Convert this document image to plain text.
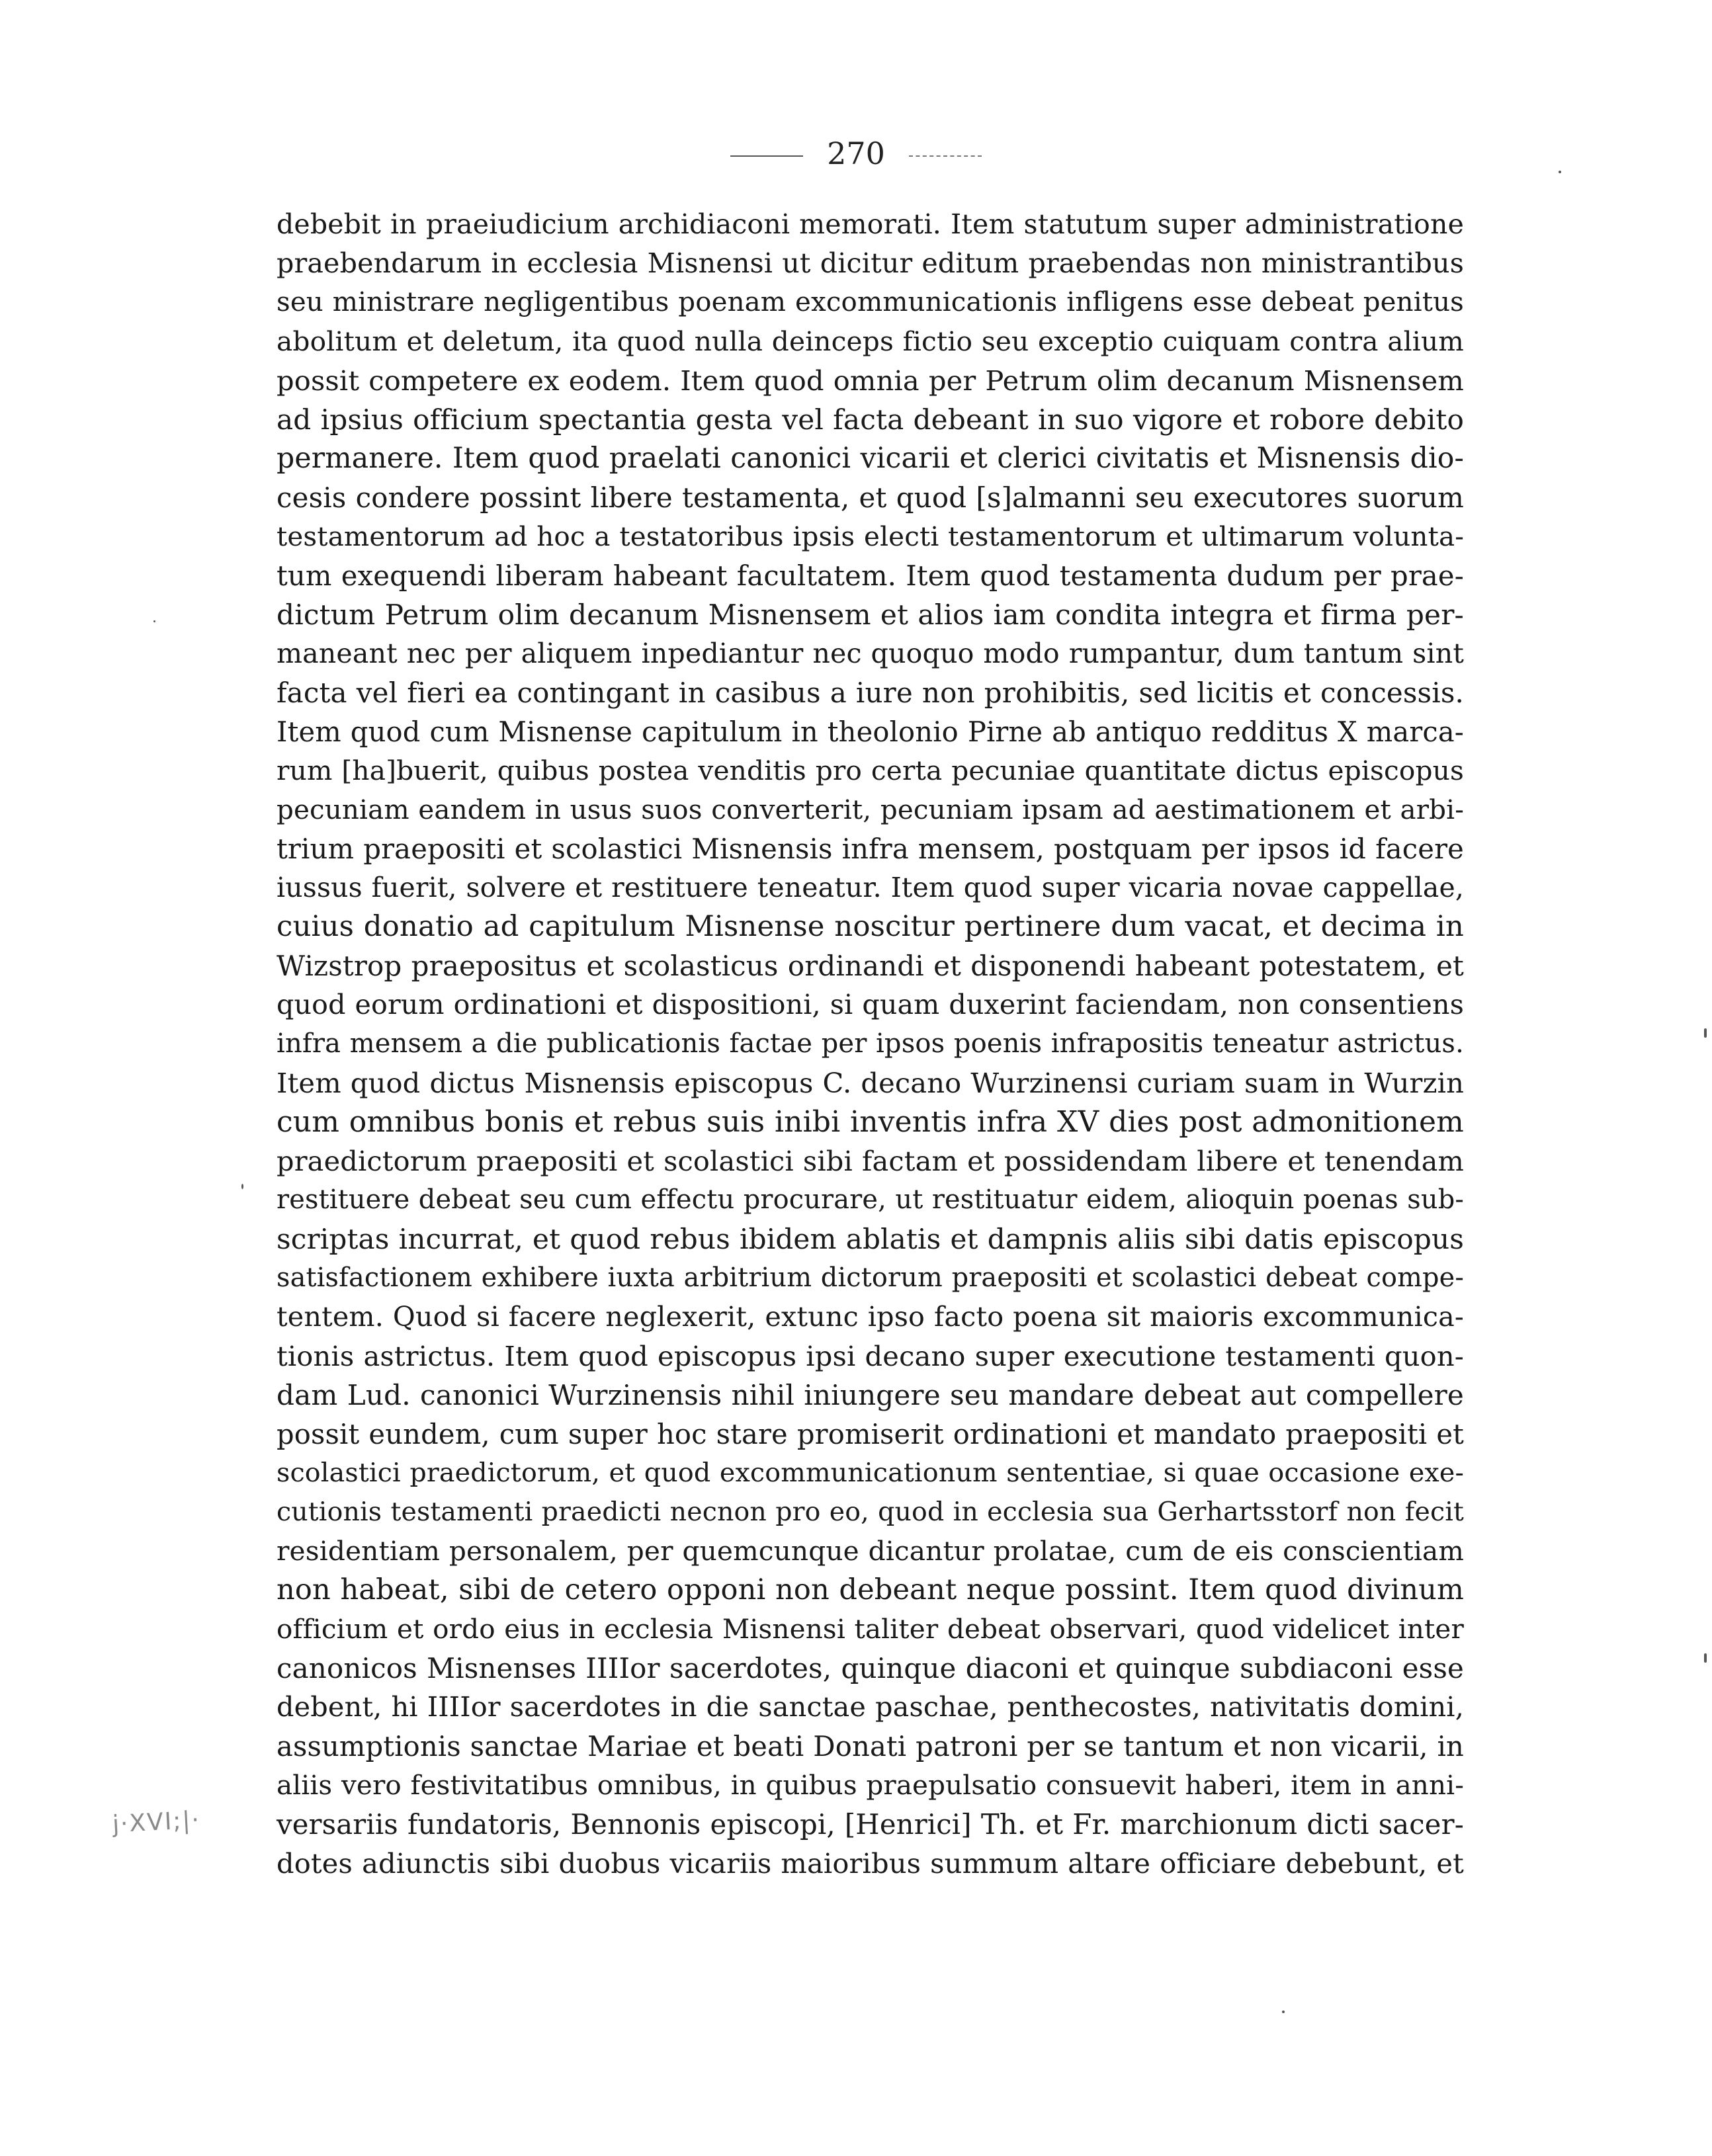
270
debebit in praeiudicium archidiaconi memorati. Item statutum super administratione
praebendarum in ecclesia Misnensi ut dicitur editum praebendas non ministrantibus
seu ministrare negligentibus poenam excommunicationis infligens esse debeat penitus
abolitum et deletum, ita quod nulla deinceps fictio seu exceptio cuiquam contra alium
possit competere ex eodem. Item quod omnia per Petrum olim decanum Misnensem
ad ipsius officium spectantia gesta vel facta debeant in suo vigore et robore debito
permanere. Item quod praelati canonici vicarii et clerici civitatis et Misnensis dio-
cesis condere possint libere testamenta, et quod [s]almanni seu executores suorum
testamentorum ad hoc a testatoribus ipsis electi testamentorum et ultimarum volunta-
tum exequendi liberam habeant facultatem. Item quod testamenta dudum per prae-
dictum Petrum olim decanum Misnensem et alios iam condita integra et firma per-
maneant nec per aliquem inpediantur nec quoquo modo rumpantur, dum tantum sint
facta vel fieri ea contingant in casibus a iure non prohibitis, sed licitis et concessis.
Item quod cum Misnense capitulum in theolonio Pirne ab antiquo redditus X marca-
rum [ha]buerit, quibus postea venditis pro certa pecuniae quantitate dictus episcopus
pecuniam eandem in usus suos converterit, pecuniam ipsam ad aestimationem et arbi-
trium praepositi et scolastici Misnensis infra mensem, postquam per ipsos id facere
iussus fuerit, solvere et restituere teneatur. Item quod super vicaria novae cappellae,
cuius donatio ad capitulum Misnense noscitur pertinere dum vacat, et decima in
Wizstrop praepositus et scolasticus ordinandi et disponendi habeant potestatem, et
quod eorum ordinationi et dispositioni, si quam duxerint faciendam, non consentiens
infra mensem a die publicationis factae per ipsos poenis infrapositis teneatur astrictus.
Item quod dictus Misnensis episcopus C. decano Wurzinensi curiam suam in Wurzin
cum omnibus bonis et rebus suis inibi inventis infra XV dies post admonitionem
praedictorum praepositi et scolastici sibi factam et possidendam libere et tenendam
restituere debeat seu cum effectu procurare, ut restituatur eidem, alioquin poenas sub-
scriptas incurrat, et quod rebus ibidem ablatis et dampnis aliis sibi datis episcopus
satisfactionem exhibere iuxta arbitrium dictorum praepositi et scolastici debeat compe-
tentem. Quod si facere neglexerit, extunc ipso facto poena sit maioris excommunica-
tionis astrictus. Item quod episcopus ipsi decano super executione testamenti quon-
dam Lud. canonici Wurzinensis nihil iniungere seu mandare debeat aut compellere
possit eundem, cum super hoc stare promiserit ordinationi et mandato praepositi et
scolastici praedictorum, et quod excommunicationum sententiae, si quae occasione exe-
cutionis testamenti praedicti necnon pro eo, quod in ecclesia sua Gerhartsstorf non fecit
residentiam personalem, per quemcunque dicantur prolatae, cum de eis conscientiam
non habeat, sibi de cetero opponi non debeant neque possint. Item quod divinum
officium et ordo eius in ecclesia Misnensi taliter debeat observari, quod videlicet inter
canonicos Misnenses IIIIor sacerdotes, quinque diaconi et quinque subdiaconi esse
debent, hi IIIIor sacerdotes in die sanctae paschae, penthecostes, nativitatis domini,
assumptionis sanctae Mariae et beati Donati patroni per se tantum et non vicarii, in
aliis vero festivitatibus omnibus, in quibus praepulsatio consuevit haberi, item in anni-
versariis fundatoris, Bennonis episcopi, [Henrici] Th. et Fr. marchionum dicti sacer-
dotes adiunctis sibi duobus vicariis maioribus summum altare officiare debebunt, et
j·XVI;|·
